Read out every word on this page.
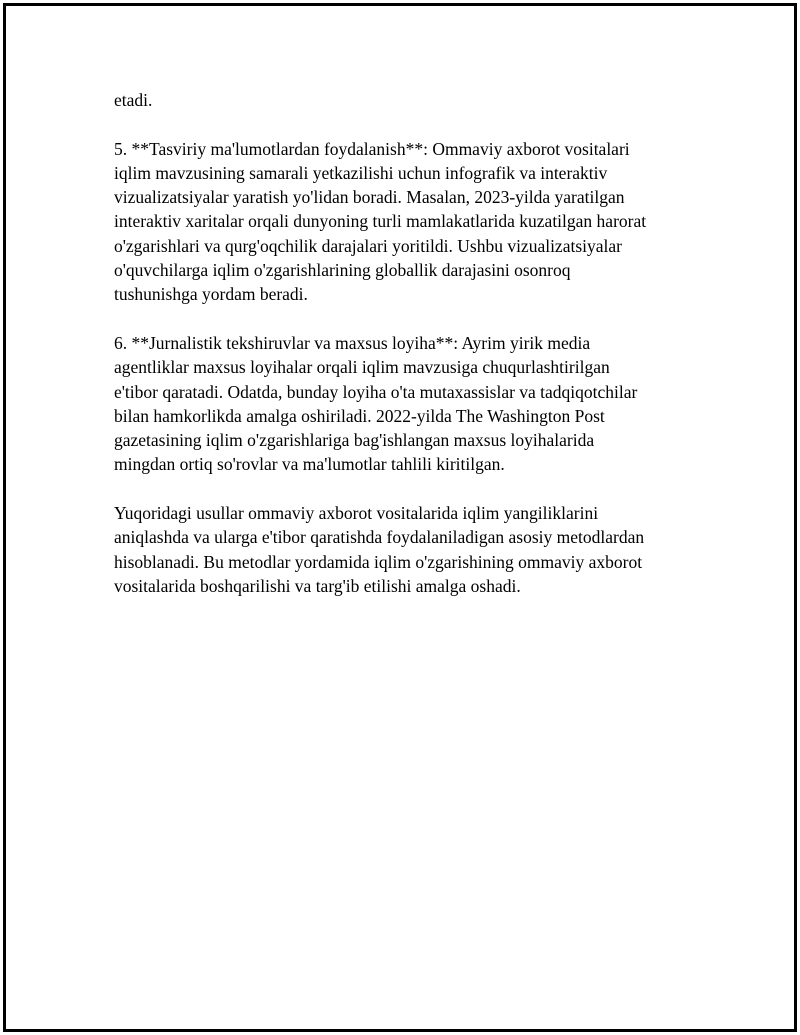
etadi.

5. **Tasviriy ma'lumotlardan foydalanish**: Ommaviy axborot vositalari
iqlim mavzusining samarali yetkazilishi uchun infografik va interaktiv
vizualizatsiyalar yaratish yo'lidan boradi. Masalan, 2023-yilda yaratilgan
interaktiv xaritalar orqali dunyoning turli mamlakatlarida kuzatilgan harorat
o'zgarishlari va qurg'oqchilik darajalari yoritildi. Ushbu vizualizatsiyalar
o'quvchilarga iqlim o'zgarishlarining globallik darajasini osonroq
tushunishga yordam beradi.

6. **Jurnalistik tekshiruvlar va maxsus loyiha**: Ayrim yirik media
agentliklar maxsus loyihalar orqali iqlim mavzusiga chuqurlashtirilgan
e'tibor qaratadi. Odatda, bunday loyiha o'ta mutaxassislar va tadqiqotchilar
bilan hamkorlikda amalga oshiriladi. 2022-yilda The Washington Post
gazetasining iqlim o'zgarishlariga bag'ishlangan maxsus loyihalarida
mingdan ortiq so'rovlar va ma'lumotlar tahlili kiritilgan.

Yuqoridagi usullar ommaviy axborot vositalarida iqlim yangiliklarini
aniqlashda va ularga e'tibor qaratishda foydalaniladigan asosiy metodlardan
hisoblanadi. Bu metodlar yordamida iqlim o'zgarishining ommaviy axborot
vositalarida boshqarilishi va targ'ib etilishi amalga oshadi.
